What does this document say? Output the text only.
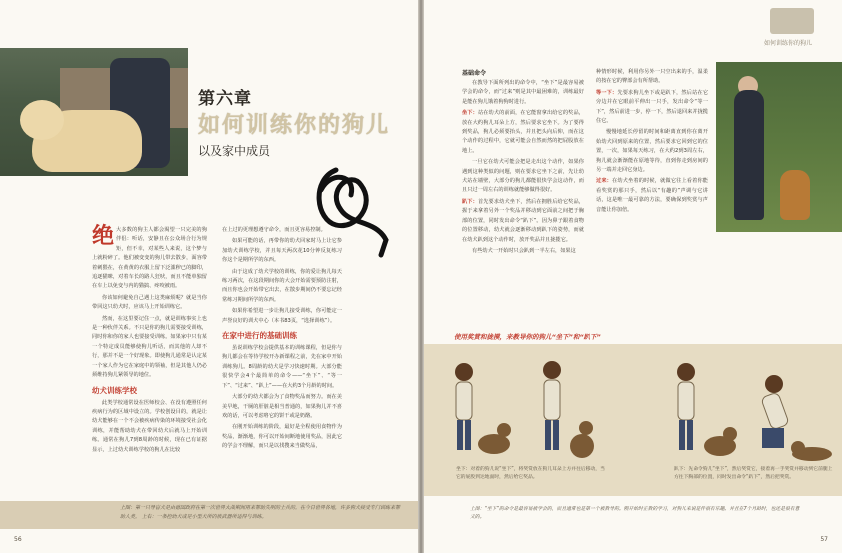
第六章
如何训练你的狗儿
以及家中成员

绝大多数的狗主人都会渴望一只完美的狗伴侣：听话，安静且在公众场合行为规矩，但不幸，对某些人来说，这个梦与上就粉碎了。他们被变变的狗儿带去散步，面容带着刺猥在，在黄黄的衣服上留下泛滥秽已的脚印，追逐猫咪，对着车长的路人狂吠，而且不能单独留在车上以免变与内的猫搞、疼咬被雨。

你该如何避免自己遇上这类麻烦呢？就是当你带回这只幼犬时，应该马上开始训练它。

然而，在这里要记住一点，就是训练事实上也是一种伙伴关系。不只是你的狗儿需要接受训练，同时你和你的家人也要接受训练。如果家中只有某一个特定成员能够使狗儿听话，而其他的人却不行，那并不是一个好现象。即使狗儿通常是认定某一个家人作为它在家庭中的领袖，但是其他人仍必须维持狗儿紧领导的地位。

幼犬训练学校

此类学校通常设在医师校会、在没有遵照任何疾病行为的区域中设立的。学校创设目的，就是让幼犬能够在一个不会被疾病传染的环境接受社会化训练，并能帮助幼犬在带回幼犬后就马上开始训练。通常在狗儿7到8周龄的时候，现在已有证据显示，上过幼犬训练学校的狗儿在比较

在上过的更理想遵守命令，而且更容易控制。

如果可能的话，再带你的幼犬回家时马上让它参加幼犬训练学校，并且每天两次花10分钟反复练习你这个是期所学的东西。

由于这成了幼犬学校的训练，你的爱让狗儿每天练习两次，在这段期间你的大会开始需要预防注射，而且你也会开始带它出去，在散步期间仍不要忘记经常练习期间所学的东西。

如果你希望进一步让狗儿接受训练，你可能定一声誉良好的训犬中心（本书83页，“选择训练”）。

在家中进行的基础训练

虽说训练学校会提供基本的训练课程，但是你与狗儿都会在等待学校开办新课程之前，先在家中开始训练狗儿。8周龄的幼犬是学习快速时期。大部分能很快学会4个最简单的命令——“坐下”、“等一下”、“过来”、“趴上”——在大约3个月龄的时间。

大部分的幼犬都会为了食物奖品而努力。而在美美早地，干厕的肝脏是相当普通的，如果狗儿并不喜欢的话，可以考虑咯它的饼干或是奶酪。

在刚开始训练的阶段，最好是全程使用食物作为奖品，渐渐地，你可以开始间断地使用奖品，因此它的学会不理解，而只是以找搜来当做奖品，

上图：第一只导盲犬是由德国政府在第一次世界大战期间用来帮助失明的士兵的。在今日世界各地，许多狗犬接受专门训练来帮助人类。 上右：一条控幼犬或是小型犬所的彼武器所适得与训练。
56
如何训练你的狗儿
基础命令

在教导下面所列出的命令中，“坐下”是最容易被学会的命令，而“过来”则是其中最困难的，训练最好是能在狗儿饿着狗狗时进行。

坐下：站在幼犬的前面，在它能窗拿出给它的奖品，放在大约狗儿耳朵上方，然后要求它坐下。为了要得到奖品，狗儿必须要抬头，并且把头向后仰，而在这个动作的过程中，它就可能会自然而然的把屁股放在地上。

一旦它在幼犬可能会把是走出这个动作，如果你遇到这种类似的问题，则在要求它坐下之前，先让幼犬站在墙壁，大部分的狗儿都能很快学会这动作，而且只过一周左右的训练就能够做得很好。

趴下：首先要求幼犬坐下，然后在拥胜后给它奖品，握于来拿着另外一个奖品并移动到它面前之间把于胸部的位置，同时发出命令“趴下”。因为鼻子跟着食物的位置移动，幼犬就会逐渐移动到趴下的姿势，而就在幼犬趴到这个动作时，放开奖品并且拢揽它。

有些幼犬一开始时只会趴到一半左右，如果这

种情形时候，利用你另外一只空出来的手，温柔的按在它的臀部会有所帮助。

等一下：先要求狗儿坐下或是趴下，然后站在它旁边并在它眼前平伸出一只手，发出命令“等一下”，然后前进一步，停一下，然后退回来并拢揽住它。

慢慢地延长停留的时间和距离直到你在离开始幼犬回到原来的位置，然后要求它回到它的位置，一次，如果每天练习，在大约2到3周左右，狗儿就会渐渐能在原地等待，直到你走到房间的另一端并走回它身边。

过来：在幼犬坐着的时候，就做它往上看着你能看奖赏的那只手，然后以“有趣的”声调与它讲话，这是唯一最可靠的方法，要确保到奖赏与声音能让你加倍。

57
使用奖赏和拢摸，来教导你的狗儿“坐下”和“趴下”
坐下：对着的狗儿说“坐下”，将奖赏放在狗儿耳朵上方并往后移动，当它的屁股到达地面时，然后给它奖品。
趴下：先命令狗儿“坐下”，然后奖赏它，接着再一手奖赏并移动到它前腿上方往下胸部的位置，同时发出命令“趴下”，然后把奖赏。
上图：“坐下”的命令是最容易被学会的，而且通常也是第一个被教导的。刚开始时正教的学习，对狗儿来说是件很有乐趣。并且在7个月龄时，也还是很有意义的。
